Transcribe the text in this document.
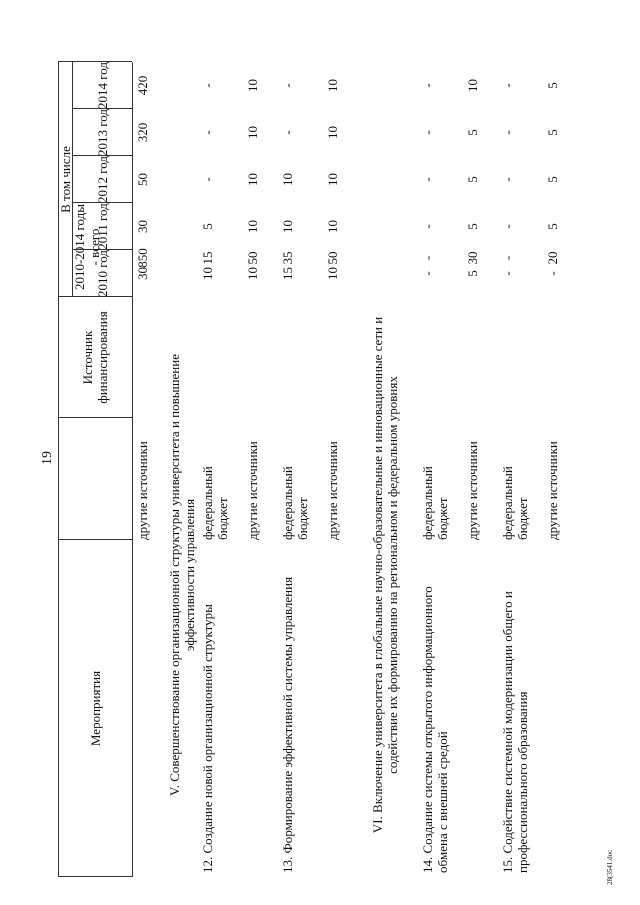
19
Мероприятия
Источник финансирования
2010-2014 годы - всего
В том числе
2010 год
2011 год
2012 год
2013 год
2014 год
другие источники
850
30
30
50
320
420
V. Совершенствование организационной структуры университета и повышение эффективности управления
12. Создание новой организационной структуры
федеральный бюджет
15
10
5
-
-
-
другие источники
50
10
10
10
10
10
13. Формирование эффективной системы управления
федеральный бюджет
35
15
10
10
-
-
другие источники
50
10
10
10
10
10
VI. Включение университета в глобальные научно-образовательные и инновационные сети и содействие их формированию на региональном и федеральном уровнях 14. Создание системы открытого информационного обмена с внешней средой
федеральный бюджет
-
-
-
-
-
-
другие источники
30
5
5
5
5
10
15. Содействие системной модернизации общего и профессионального образования
федеральный бюджет
-
-
-
-
-
-
другие источники
20
-
5
5
5
5
28(3541.doc
